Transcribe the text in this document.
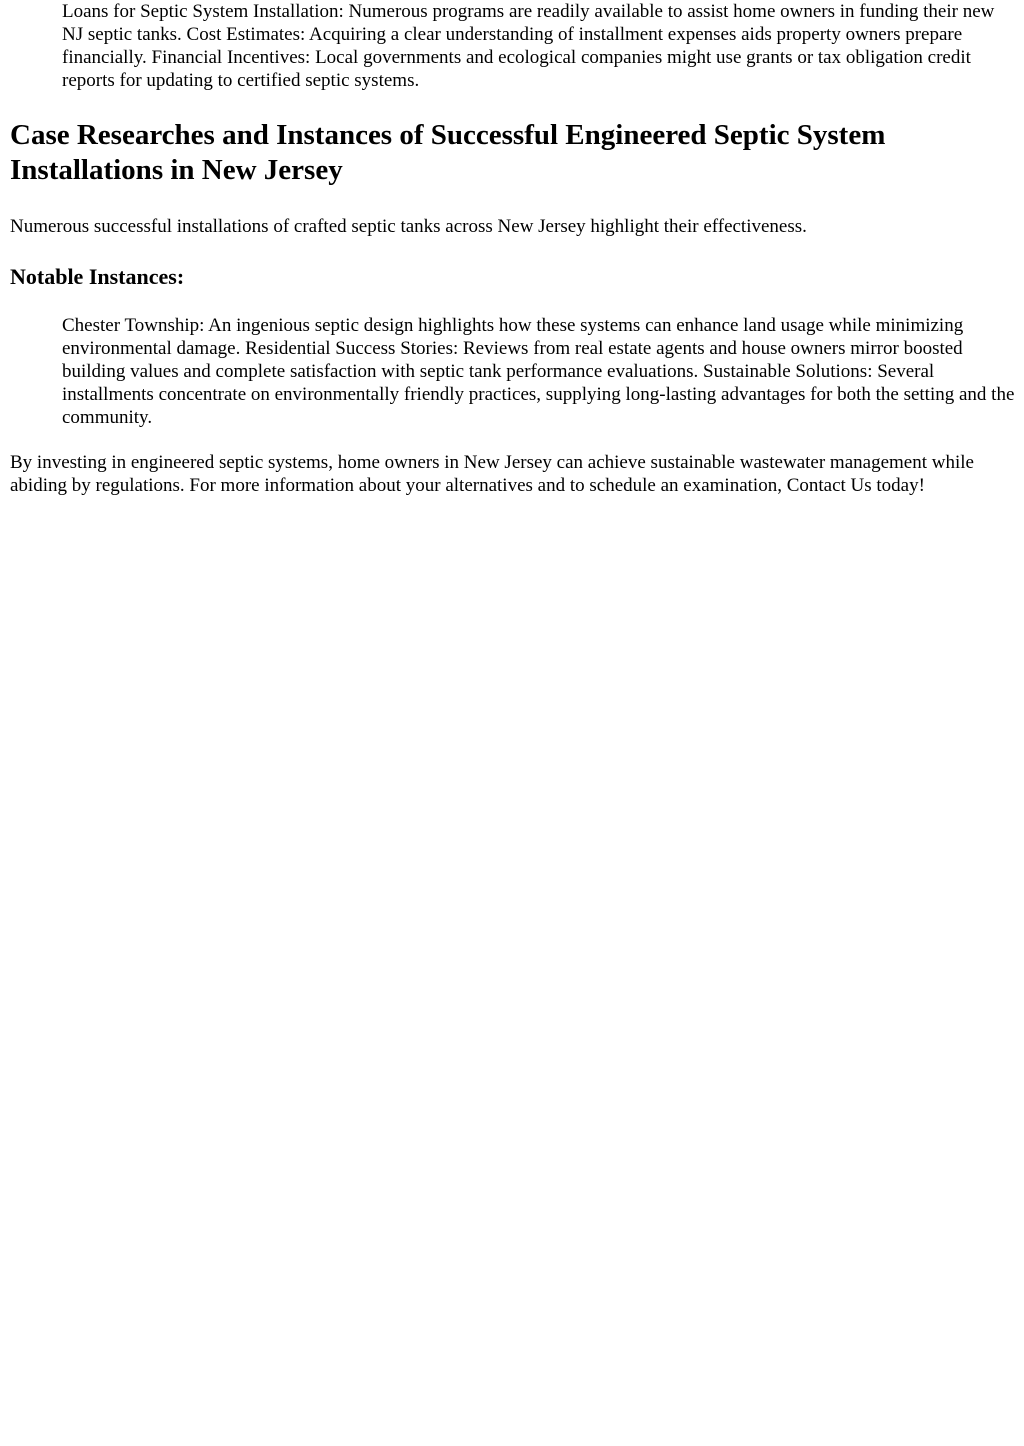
Loans for Septic System Installation: Numerous programs are readily available to assist home owners in funding their new NJ septic tanks. Cost Estimates: Acquiring a clear understanding of installment expenses aids property owners prepare financially. Financial Incentives: Local governments and ecological companies might use grants or tax obligation credit reports for updating to certified septic systems.

Case Researches and Instances of Successful Engineered Septic System Installations in New Jersey

Numerous successful installations of crafted septic tanks across New Jersey highlight their effectiveness.

Notable Instances:

Chester Township: An ingenious septic design highlights how these systems can enhance land usage while minimizing environmental damage. Residential Success Stories: Reviews from real estate agents and house owners mirror boosted building values and complete satisfaction with septic tank performance evaluations. Sustainable Solutions: Several installments concentrate on environmentally friendly practices, supplying long-lasting advantages for both the setting and the community.

By investing in engineered septic systems, home owners in New Jersey can achieve sustainable wastewater management while abiding by regulations. For more information about your alternatives and to schedule an examination, Contact Us today!
